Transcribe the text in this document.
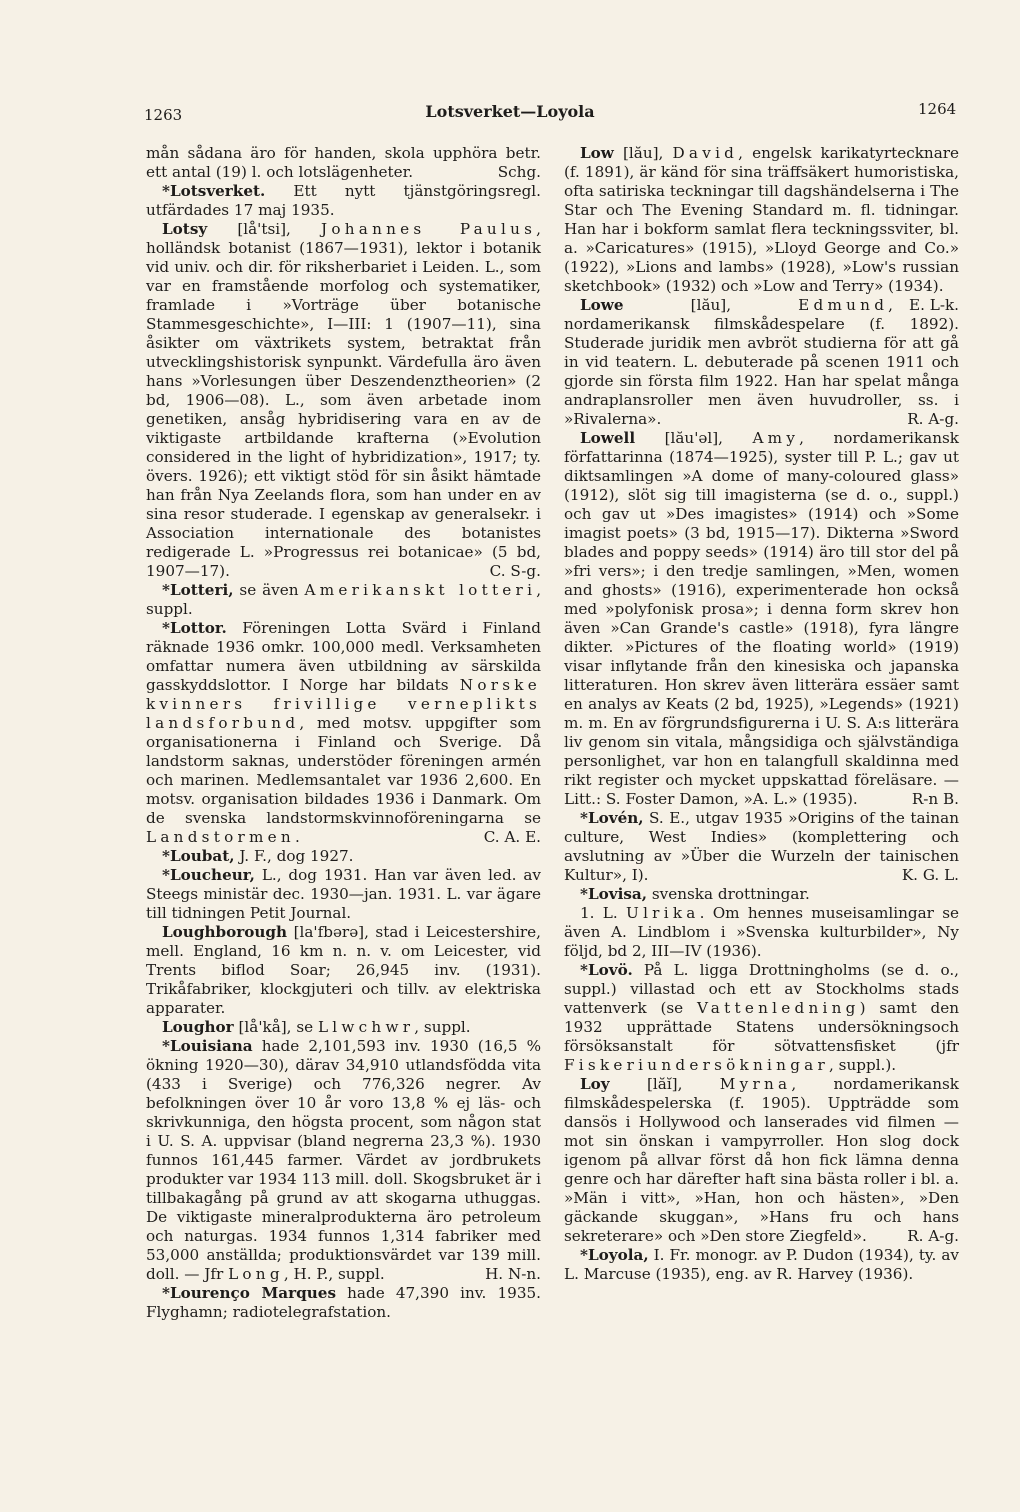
1263	Lotsverket—Loyola	1264

mån sådana äro för handen, skola upphöra betr. ett antal (19) l. och lotslägenheter.	Schg.

*Lotsverket. Ett nytt tjänstgöringsregl. utfärdades 17 maj 1935.

Lotsy [lå'tsi], Johannes Paulus, holländsk botanist (1867—1931), lektor i botanik vid univ. och dir. för riksherbariet i Leiden. L., som var en framstående morfolog och systematiker, framlade i »Vorträge über botanische Stammesgeschichte», I—III: 1 (1907—11), sina åsikter om växtrikets system, betraktat från utvecklingshistorisk synpunkt. Värdefulla äro även hans »Vorlesungen über Deszendenztheorien» (2 bd, 1906—08). L., som även arbetade inom genetiken, ansåg hybridisering vara en av de viktigaste artbildande krafterna (»Evolution considered in the light of hybridization», 1917; ty. övers. 1926); ett viktigt stöd för sin åsikt hämtade han från Nya Zeelands flora, som han under en av sina resor studerade. I egenskap av generalsekr. i Association internationale des botanistes redigerade L. »Progressus rei botanicae» (5 bd, 1907—17).	C. S-g.

*Lotteri, se även Amerikanskt lotteri, suppl.

*Lottor. Föreningen Lotta Svärd i Finland räknade 1936 omkr. 100,000 medl. Verksamheten omfattar numera även utbildning av särskilda gasskyddslottor. I Norge har bildats Norske kvinners frivillige verneplikts landsforbund, med motsv. uppgifter som organisationerna i Finland och Sverige. Då landstorm saknas, understöder föreningen armén och marinen. Medlemsantalet var 1936 2,600. En motsv. organisation bildades 1936 i Danmark. Om de svenska landstormskvinnoföreningarna se Landstormen.	C. A. E.

*Loubat, J. F., dog 1927.

*Loucheur, L., dog 1931. Han var även led. av Steegs ministär dec. 1930—jan. 1931. L. var ägare till tidningen Petit Journal.

Loughborough [la'fbərə], stad i Leicestershire, mell. England, 16 km n. n. v. om Leicester, vid Trents biflod Soar; 26,945 inv. (1931). Trikåfabriker, klockgjuteri och tillv. av elektriska apparater.

Loughor [lå'kå], se Llwchwr, suppl.

*Louisiana hade 2,101,593 inv. 1930 (16,5 % ökning 1920—30), därav 34,910 utlandsfödda vita (433 i Sverige) och 776,326 negrer. Av befolkningen över 10 år voro 13,8 % ej läs- och skrivkunniga, den högsta procent, som någon stat i U. S. A. uppvisar (bland negrerna 23,3 %). 1930 funnos 161,445 farmer. Värdet av jordbrukets produkter var 1934 113 mill. doll. Skogsbruket är i tillbakagång på grund av att skogarna uthuggas. De viktigaste mineralprodukterna äro petroleum och naturgas. 1934 funnos 1,314 fabriker med 53,000 anställda; produktionsvärdet var 139 mill. doll. — Jfr Long, H. P., suppl.	H. N-n.

*Lourenço Marques hade 47,390 inv. 1935. Flyghamn; radiotelegrafstation.

Low [lău], David, engelsk karikatyrtecknare (f. 1891), är känd för sina träffsäkert humoristiska, ofta satiriska teckningar till dagshändelserna i The Star och The Evening Standard m. fl. tidningar. Han har i bokform samlat flera teckningssviter, bl. a. »Caricatures» (1915), »Lloyd George and Co.» (1922), »Lions and lambs» (1928), »Low's russian sketchbook» (1932) och »Low and Terry» (1934).
E. L-k.

Lowe [lău], Edmund, nordamerikansk filmskådespelare (f. 1892). Studerade juridik men avbröt studierna för att gå in vid teatern. L. debuterade på scenen 1911 och gjorde sin första film 1922. Han har spelat många andraplansroller men även huvudroller, ss. i »Rivalerna».	R. A-g.

Lowell [lău'əl], Amy, nordamerikansk författarinna (1874—1925), syster till P. L.; gav ut diktsamlingen »A dome of many-coloured glass» (1912), slöt sig till imagisterna (se d. o., suppl.) och gav ut »Des imagistes» (1914) och »Some imagist poets» (3 bd, 1915—17). Dikterna »Sword blades and poppy seeds» (1914) äro till stor del på »fri vers»; i den tredje samlingen, »Men, women and ghosts» (1916), experimenterade hon också med »polyfonisk prosa»; i denna form skrev hon även »Can Grande's castle» (1918), fyra längre dikter. »Pictures of the floating world» (1919) visar inflytande från den kinesiska och japanska litteraturen. Hon skrev även litterära essäer samt en analys av Keats (2 bd, 1925), »Legends» (1921) m. m. En av förgrundsfigurerna i U. S. A:s litterära liv genom sin vitala, mångsidiga och självständiga personlighet, var hon en talangfull skaldinna med rikt register och mycket uppskattad föreläsare. — Litt.: S. Foster Damon, »A. L.» (1935).	R-n B.

*Lovén, S. E., utgav 1935 »Origins of the tainan culture, West Indies» (komplettering och avslutning av »Über die Wurzeln der tainischen Kultur», I).	K. G. L.

*Lovisa, svenska drottningar.

1. L. Ulrika. Om hennes museisamlingar se även A. Lindblom i »Svenska kulturbilder», Ny följd, bd 2, III—IV (1936).

*Lovö. På L. ligga Drottningholms (se d. o., suppl.) villastad och ett av Stockholms stads vattenverk (se Vattenledning) samt den 1932 upprättade Statens undersökningsoch försöksanstalt för sötvattensfisket (jfr Fiskeriundersökningar, suppl.).

Loy [lăĭ], Myrna, nordamerikansk filmskådespelerska (f. 1905). Uppträdde som dansös i Hollywood och lanserades vid filmen — mot sin önskan i vampyrroller. Hon slog dock igenom på allvar först då hon fick lämna denna genre och har därefter haft sina bästa roller i bl. a. »Män i vitt», »Han, hon och hästen», »Den gäckande skuggan», »Hans fru och hans sekreterare» och »Den store Ziegfeld».	R. A-g.

*Loyola, I. Fr. monogr. av P. Dudon (1934), ty. av L. Marcuse (1935), eng. av R. Harvey (1936).
